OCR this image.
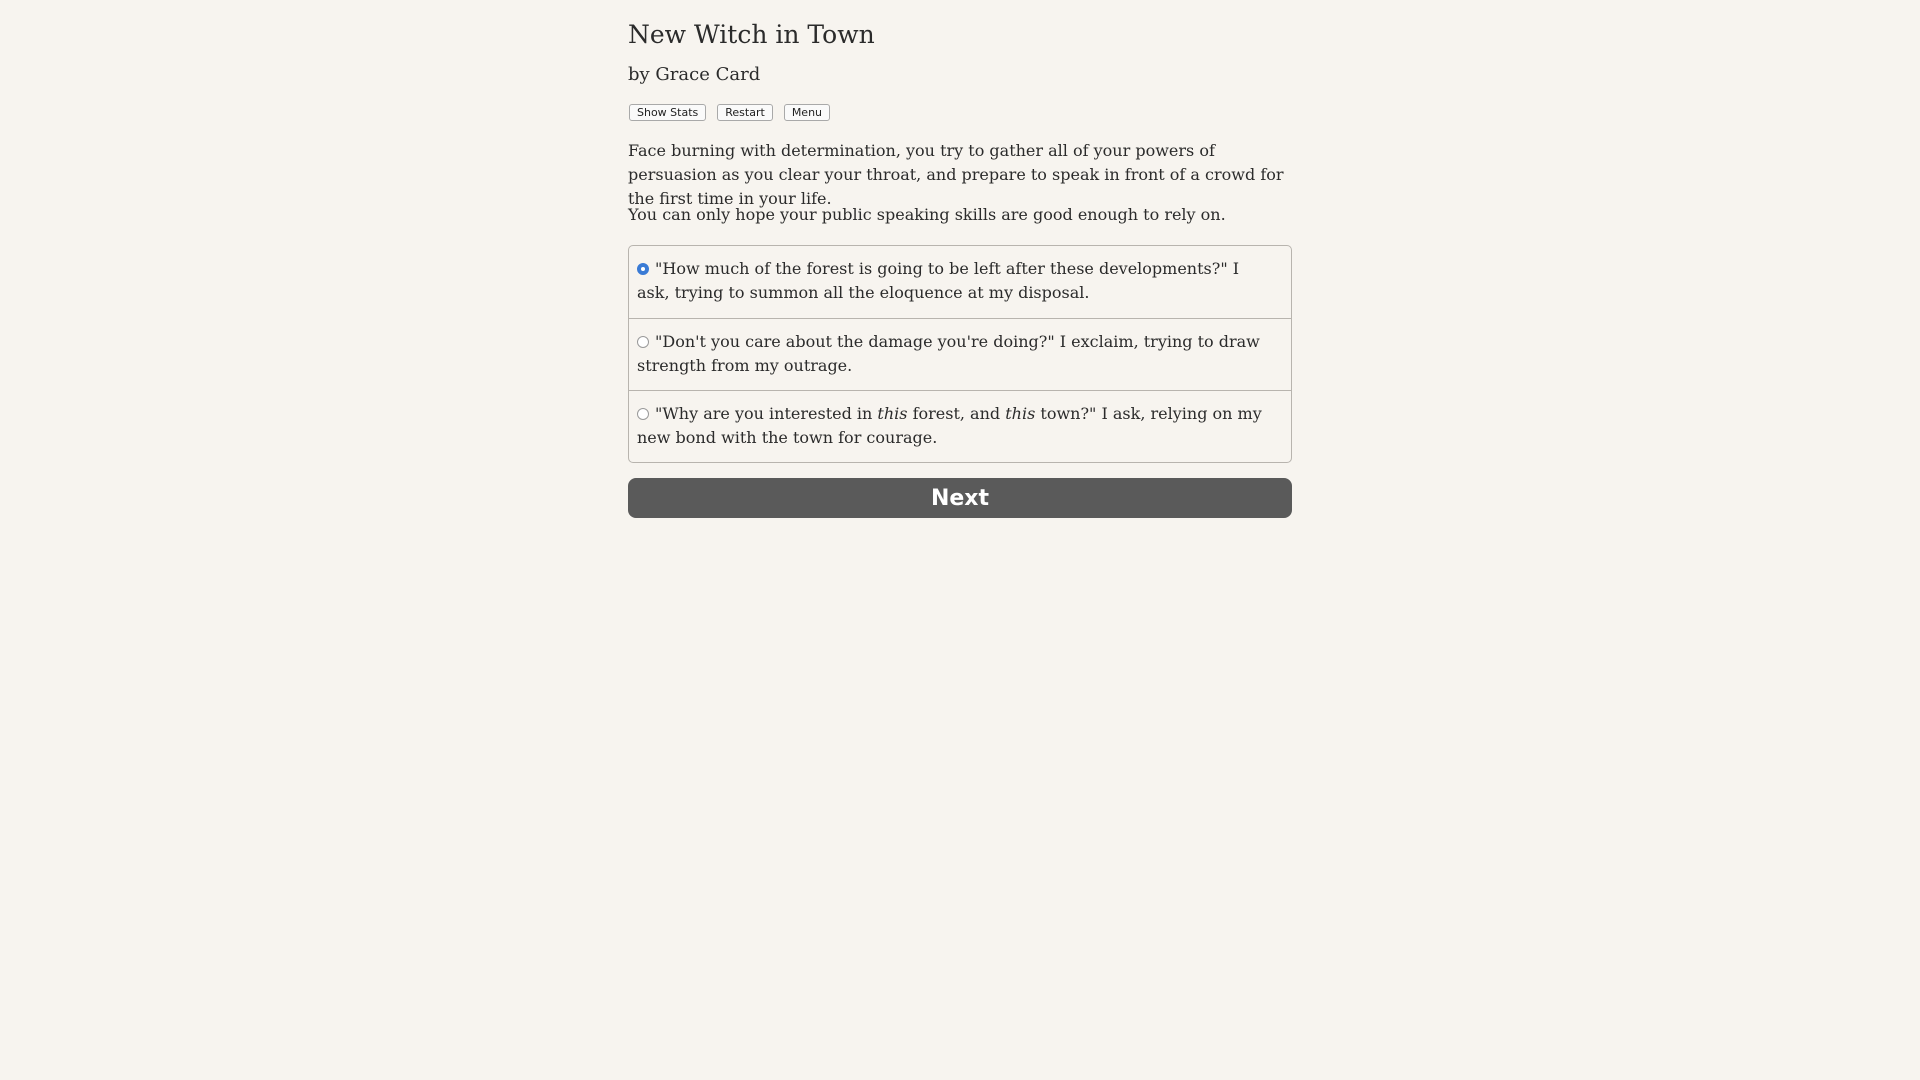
New Witch in Town
by Grace Card
Show Stats	Restart	Menu
Face burning with determination, you try to gather all of your powers of persuasion as you clear your throat, and prepare to speak in front of a crowd for the first time in your life.
You can only hope your public speaking skills are good enough to rely on.
"How much of the forest is going to be left after these developments?" I ask, trying to summon all the eloquence at my disposal.
"Don't you care about the damage you're doing?" I exclaim, trying to draw strength from my outrage.
"Why are you interested in this forest, and this town?" I ask, relying on my new bond with the town for courage.
Next
